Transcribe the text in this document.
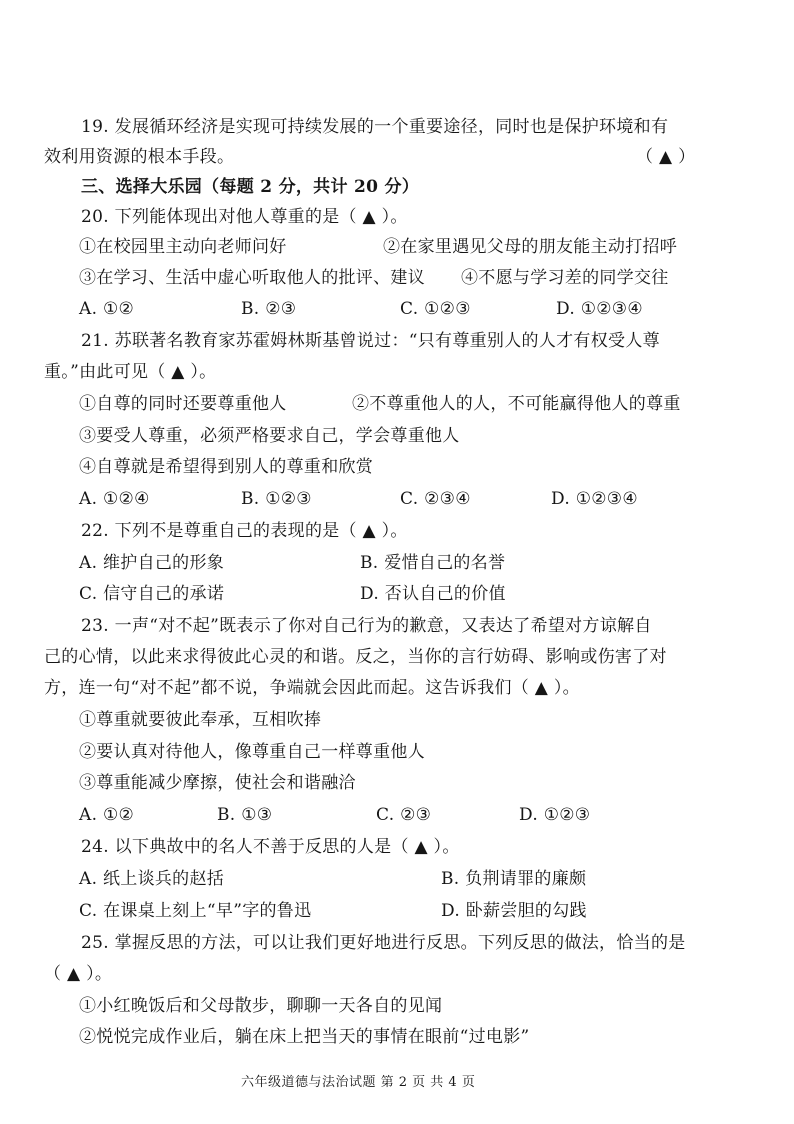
19. 发展循环经济是实现可持续发展的一个重要途径，同时也是保护环境和有
效利用资源的根本手段。	（ ▲ ）
三、选择大乐园（每题 2 分，共计 20 分）
20. 下列能体现出对他人尊重的是（ ▲ ）。
①在校园里主动向老师问好	②在家里遇见父母的朋友能主动打招呼
③在学习、生活中虚心听取他人的批评、建议 ④不愿与学习差的同学交往
A. ①②	B. ②③	C. ①②③	D. ①②③④
21. 苏联著名教育家苏霍姆林斯基曾说过：“只有尊重别人的人才有权受人尊
重。”由此可见（ ▲ ）。
①自尊的同时还要尊重他人	②不尊重他人的人，不可能赢得他人的尊重
③要受人尊重，必须严格要求自己，学会尊重他人
④自尊就是希望得到别人的尊重和欣赏
A. ①②④	B. ①②③	C. ②③④	D. ①②③④
22. 下列不是尊重自己的表现的是（ ▲ ）。
A. 维护自己的形象	B. 爱惜自己的名誉
C. 信守自己的承诺	D. 否认自己的价值
23. 一声“对不起”既表示了你对自己行为的歉意，又表达了希望对方谅解自
己的心情，以此来求得彼此心灵的和谐。反之，当你的言行妨碍、影响或伤害了对
方，连一句“对不起”都不说，争端就会因此而起。这告诉我们（ ▲ ）。
①尊重就要彼此奉承，互相吹捧
②要认真对待他人，像尊重自己一样尊重他人
③尊重能减少摩擦，使社会和谐融洽
A. ①②	B. ①③	C. ②③	D. ①②③
24. 以下典故中的名人不善于反思的人是（ ▲ ）。
A. 纸上谈兵的赵括	B. 负荆请罪的廉颇
C. 在课桌上刻上“早”字的鲁迅	D. 卧薪尝胆的勾践
25. 掌握反思的方法，可以让我们更好地进行反思。下列反思的做法，恰当的是
（ ▲ ）。
①小红晚饭后和父母散步，聊聊一天各自的见闻
②悦悦完成作业后，躺在床上把当天的事情在眼前“过电影”
六年级道德与法治试题 第 2 页 共 4 页
